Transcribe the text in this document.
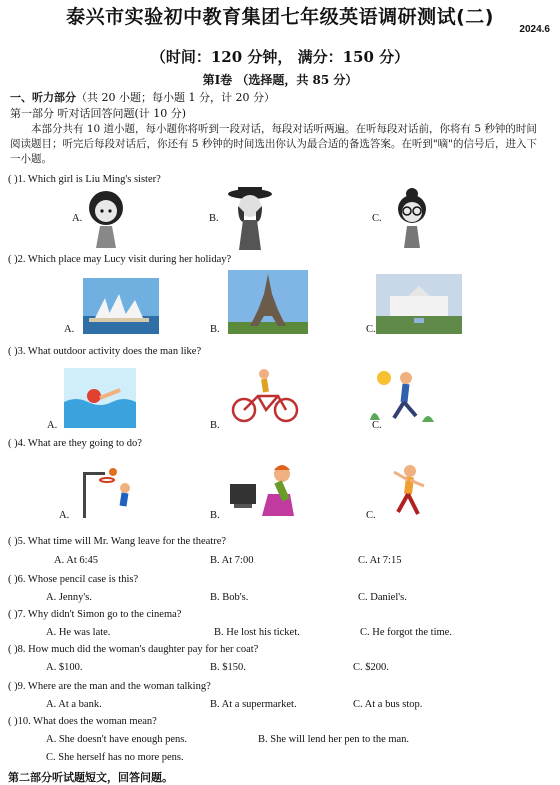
泰兴市实验初中教育集团七年级英语调研测试(二)
2024.6
（时间：120 分钟， 满分：150 分）
第Ⅰ卷 （选择题，共 85 分）
一、听力部分（共 20 小题；每小题 1 分，计 20 分）
第一部分 听对话回答问题(计 10 分)
本部分共有 10 道小题，每小题你将听到一段对话，每段对话听两遍。在听每段对话前，你将有 5 秒钟的时间阅读题目；听完后每段对话后，你还有 5 秒钟的时间选出你认为最合适的备选答案。在听到"嘀"的信号后，进入下一小题。
( )1. Which girl is Liu Ming's sister?
A.	B.	C.
( )2. Which place may Lucy visit during her holiday?
A.	B.	C.
( )3. What outdoor activity does the man like?
A.	B.	C.
( )4. What are they going to do?
A.	B.	C.
( )5. What time will Mr. Wang leave for the theatre?
A. At 6:45	B. At 7:00	C. At 7:15
( )6. Whose pencil case is this?
A. Jenny's.	B. Bob's.	C. Daniel's.
( )7. Why didn't Simon go to the cinema?
A. He was late.	B. He lost his ticket.	C. He forgot the time.
( )8. How much did the woman's daughter pay for her coat?
A. $100.	B. $150.	C. $200.
( )9. Where are the man and the woman talking?
A. At a bank.	B. At a supermarket.	C. At a bus stop.
( )10. What does the woman mean?
A. She doesn't have enough pens.	B. She will lend her pen to the man.
C. She herself has no more pens.
第二部分听试题短文，回答问题。
